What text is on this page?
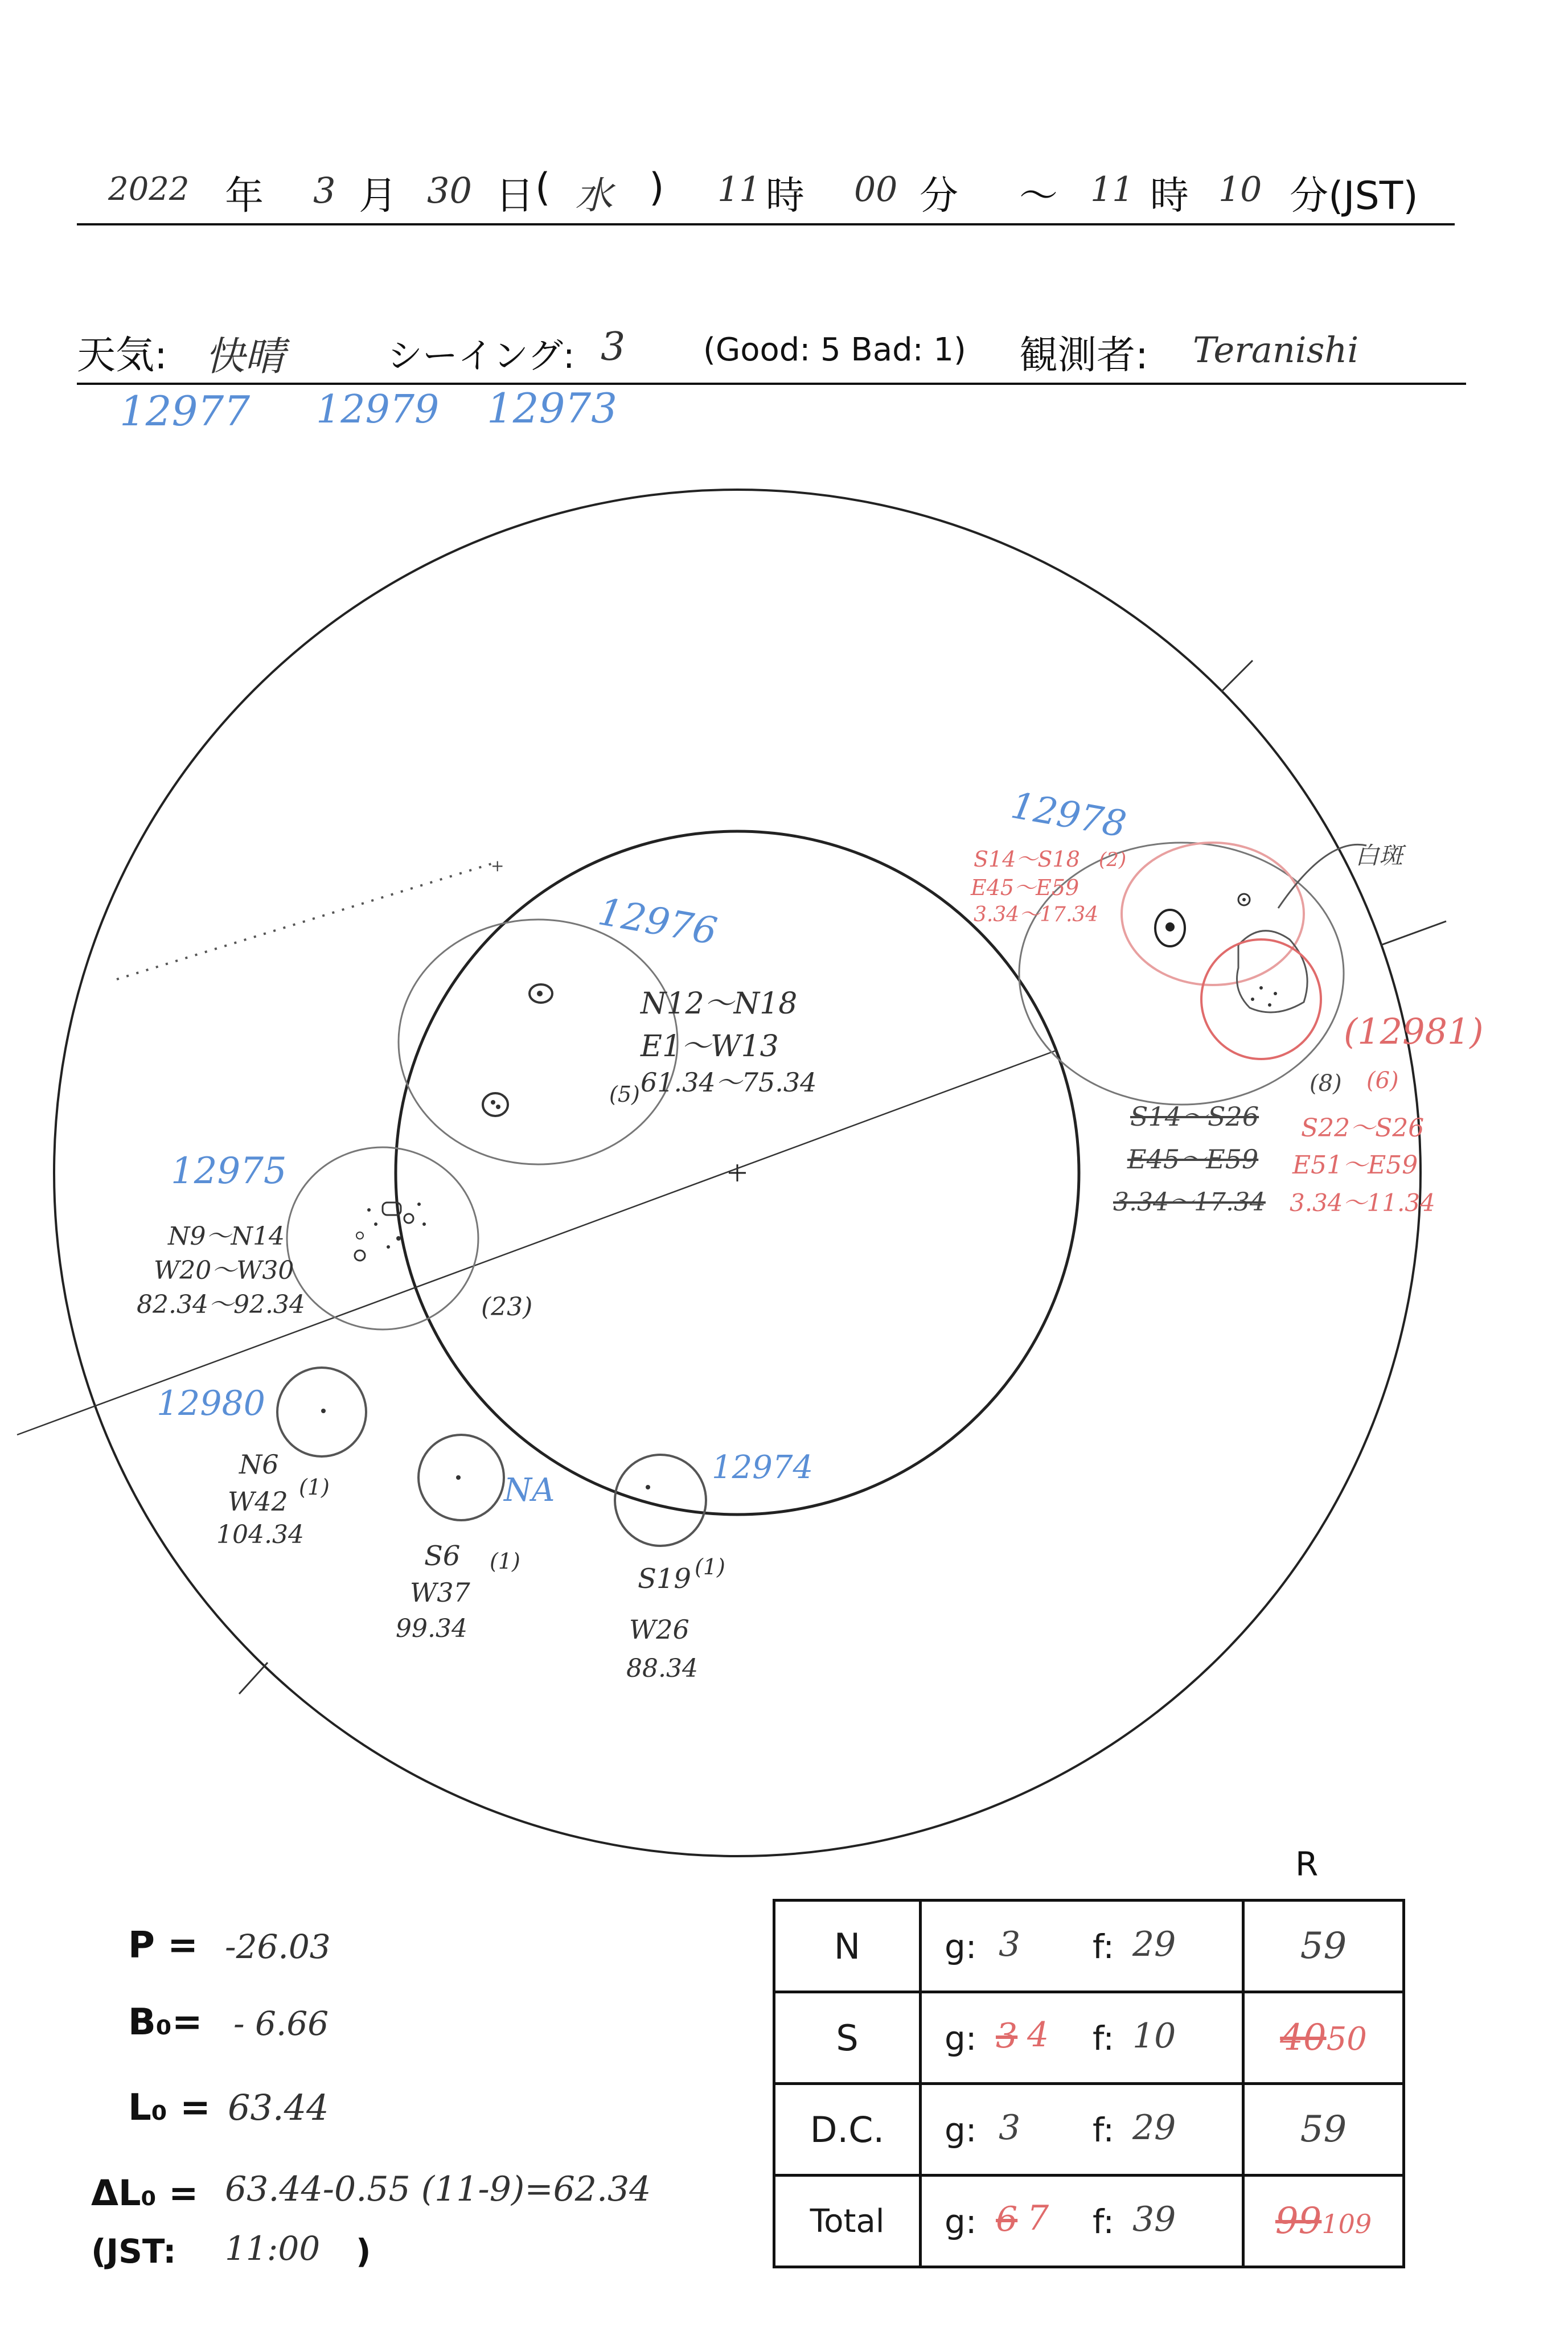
2022 年 3 月 30 日 ( 水 ) 11 時 00 分 ～ 11 時 10 分(JST)
天気: 快晴	シーイング: 3 (Good: 5 Bad: 1) 観測者: Teranishi
12977 12979 12973
+	白斑
12976
N12〜N18
E1〜W13
61.34〜75.34
(5)
12975
N9〜N14
W20〜W30
82.34〜92.34	(23)
12980
N6
W42 (1)
104.34
NA
S6 (1)
W37
99.34
12974
S19 (1)
W26
88.34
12978
S14〜S18
E45〜E59
3.34〜17.34
(2)
(12981)
(6)
S22〜S26
E51〜E59
3.34〜11.34
(8)
S14〜S26
E45〜E59
3.34〜17.34
P = -26.03
B₀= - 6.66
L₀ = 63.44
ΔL₀ = 63.44-0.55 (11-9)=62.34
(JST: 11:00 )
R
N	g: 3 f: 29	59
S	g: 3 4 f: 10	4050
D.C.	g: 3 f: 29	59
Total	g: 6 7 f: 39	99109
